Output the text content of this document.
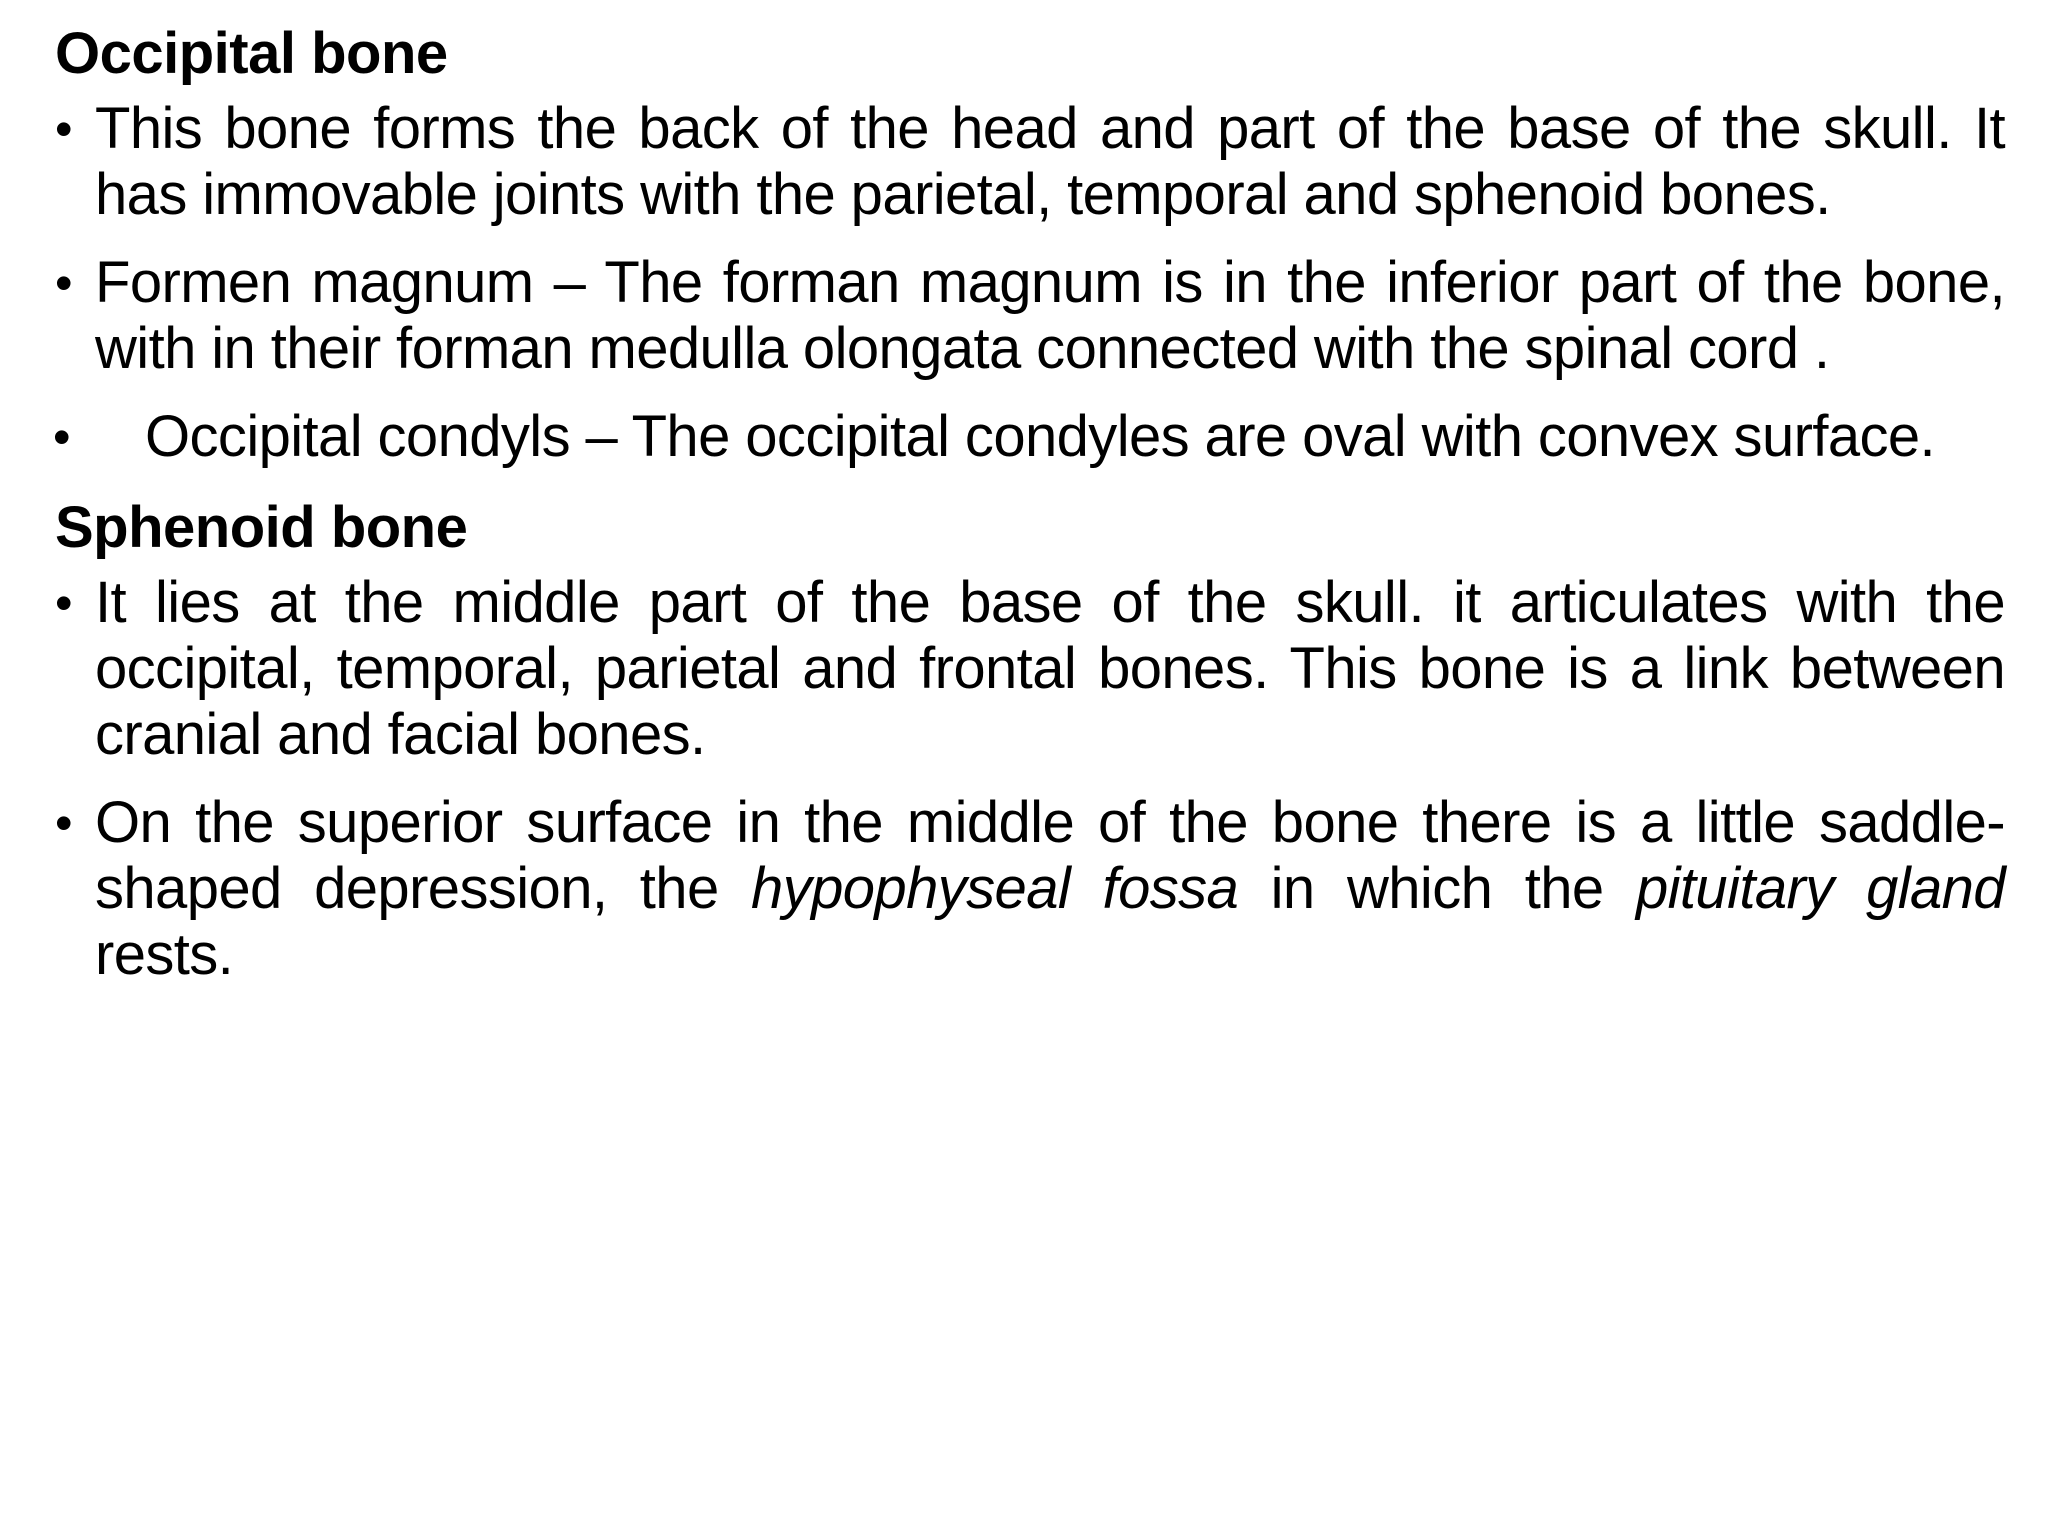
Occipital bone
• This bone forms the back of the head and part of the base of the skull. It has immovable joints with the parietal, temporal and sphenoid bones.
• Formen magnum – The forman magnum is in the inferior part of the bone, with in their forman medulla olongata connected with the spinal cord .
• Occipital condyls – The occipital condyles are oval with convex surface.
Sphenoid bone
• It lies at the middle part of the base of the skull. it articulates with the occipital, temporal, parietal and frontal bones. This bone is a link between cranial and facial bones.
• On the superior surface in the middle of the bone there is a little saddle-shaped depression, the hypophyseal fossa in which the pituitary gland rests.
